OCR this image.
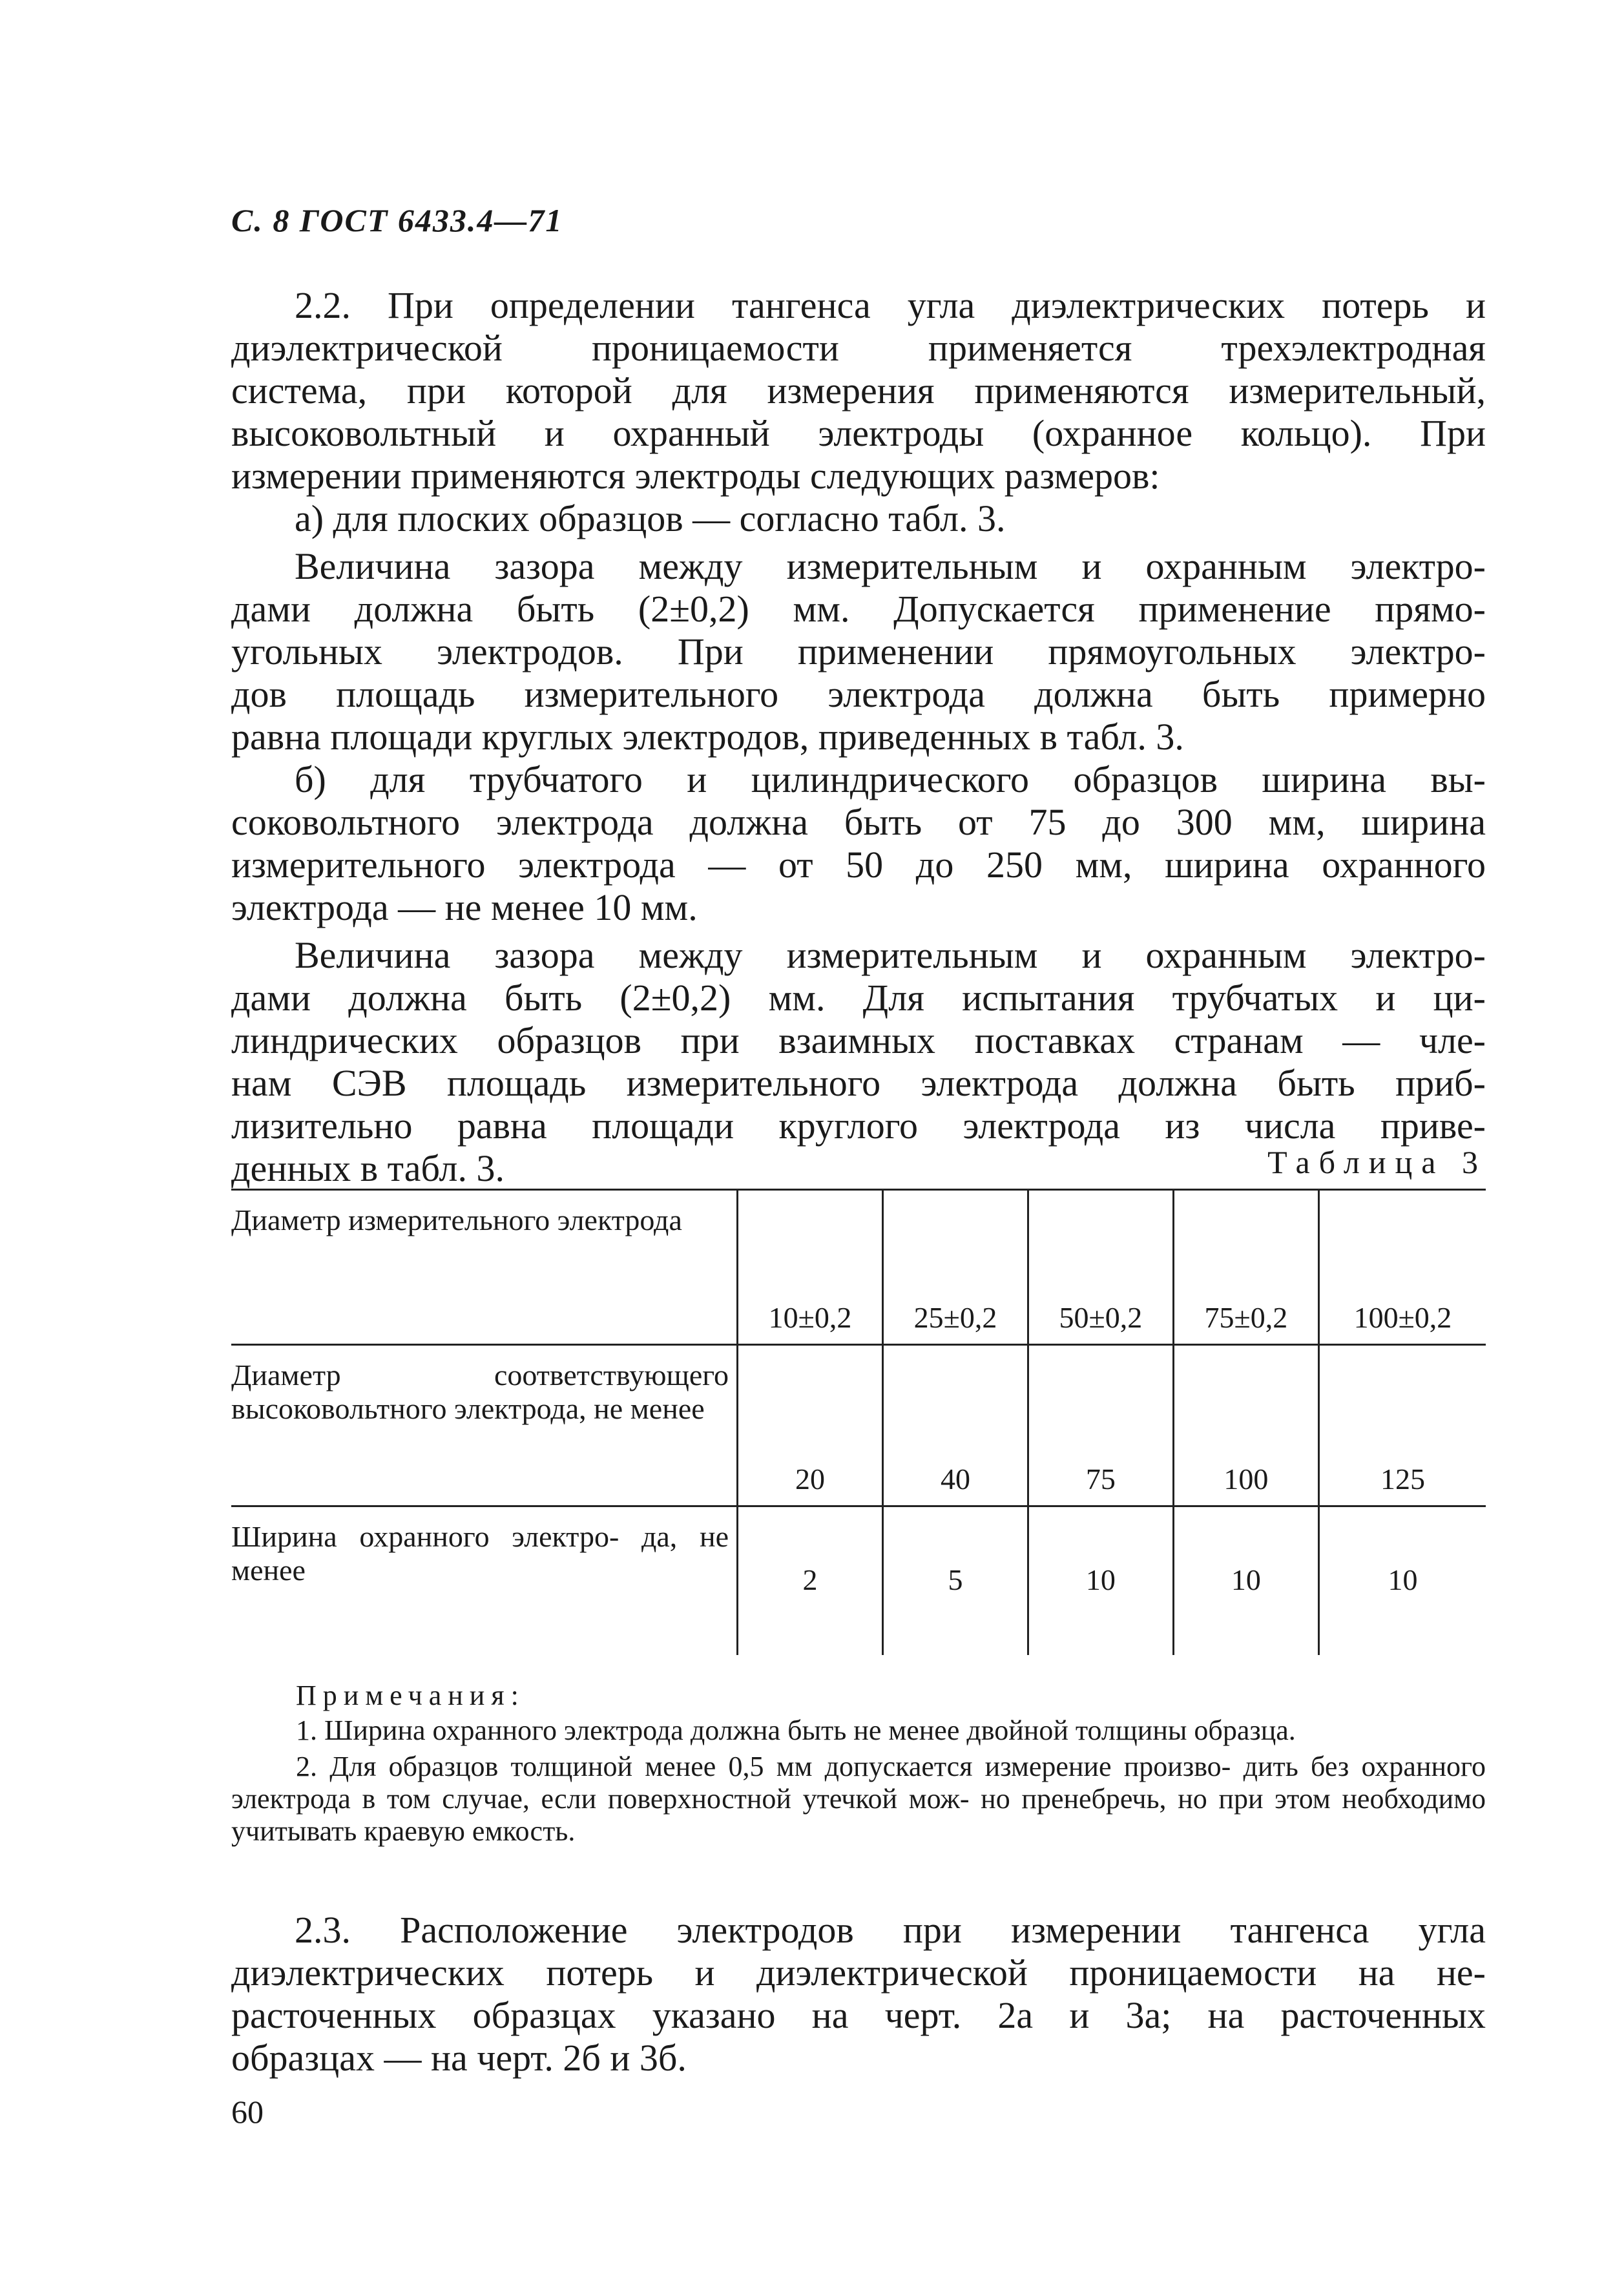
С. 8 ГОСТ 6433.4—71
2.2. При определении тангенса угла диэлектрических потерь и
диэлектрической проницаемости применяется трехэлектродная
система, при которой для измерения применяются измерительный,
высоковольтный и охранный электроды (охранное кольцо). При
измерении применяются электроды следующих размеров:
а) для плоских образцов — согласно табл. 3.
Величина зазора между измерительным и охранным электро-
дами должна быть (2±0,2) мм. Допускается применение прямо-
угольных электродов. При применении прямоугольных электро-
дов площадь измерительного электрода должна быть примерно
равна площади круглых электродов, приведенных в табл. 3.
б) для трубчатого и цилиндрического образцов ширина вы-
соковольтного электрода должна быть от 75 до 300 мм, ширина
измерительного электрода — от 50 до 250 мм, ширина охранного
электрода — не менее 10 мм.
Величина зазора между измерительным и охранным электро-
дами должна быть (2±0,2) мм. Для испытания трубчатых и ци-
линдрических образцов при взаимных поставках странам — чле-
нам СЭВ площадь измерительного электрода должна быть приб-
лизительно равна площади круглого электрода из числа приве-
денных в табл. 3.	Таблица 3
Диаметр измерительного электрода	10±0,2	25±0,2	50±0,2	75±0,2	100±0,2
Диаметр соответствующего высоковольтного электрода, не менее	20	40	75	100	125
Ширина охранного электро- да, не менее	2	5	10	10	10
Примечания:

1. Ширина охранного электрода должна быть не менее двойной толщины образца.

2. Для образцов толщиной менее 0,5 мм допускается измерение произво- дить без охранного электрода в том случае, если поверхностной утечкой мож- но пренебречь, но при этом необходимо учитывать краевую емкость.

2.3. Расположение электродов при измерении тангенса угла
диэлектрических потерь и диэлектрической проницаемости на не-
расточенных образцах указано на черт. 2а и 3а; на расточенных
образцах — на черт. 2б и 3б.
60
